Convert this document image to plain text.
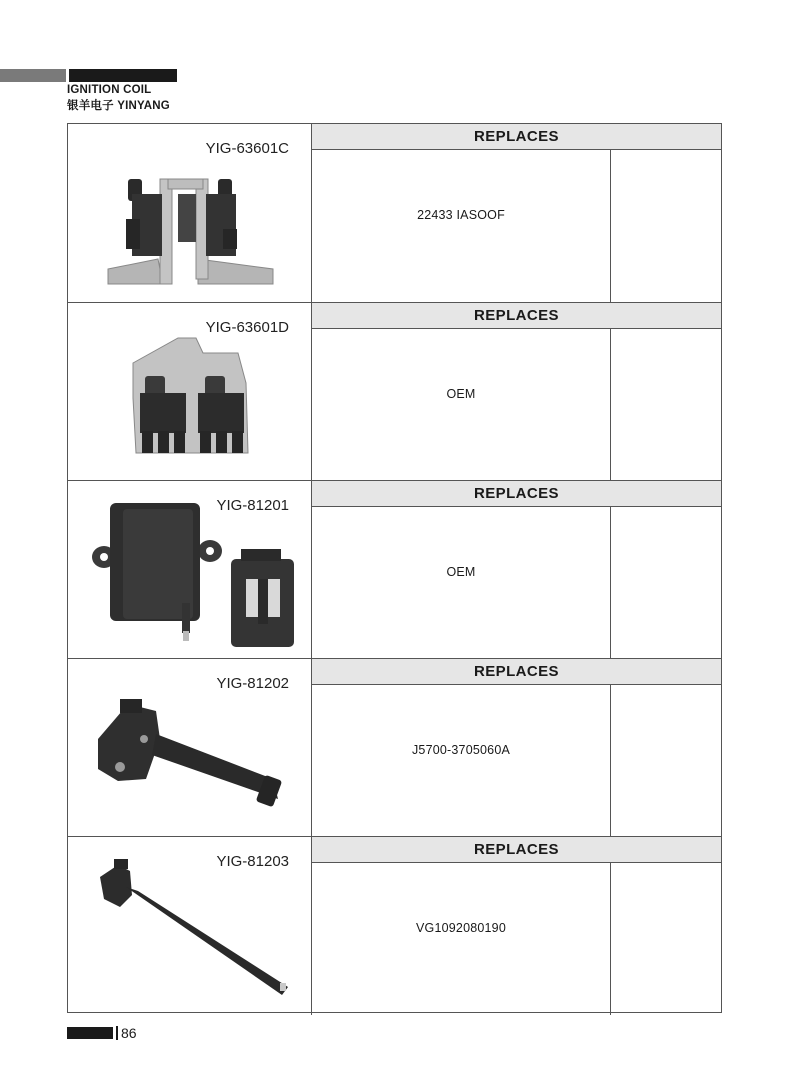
IGNITION COIL
银羊电子 YINYANG
YIG-63601C
REPLACES
22433 IASOOF
YIG-63601D
REPLACES
OEM
YIG-81201
REPLACES
OEM
YIG-81202
REPLACES
J5700-3705060A
YIG-81203
REPLACES
VG1092080190
86
